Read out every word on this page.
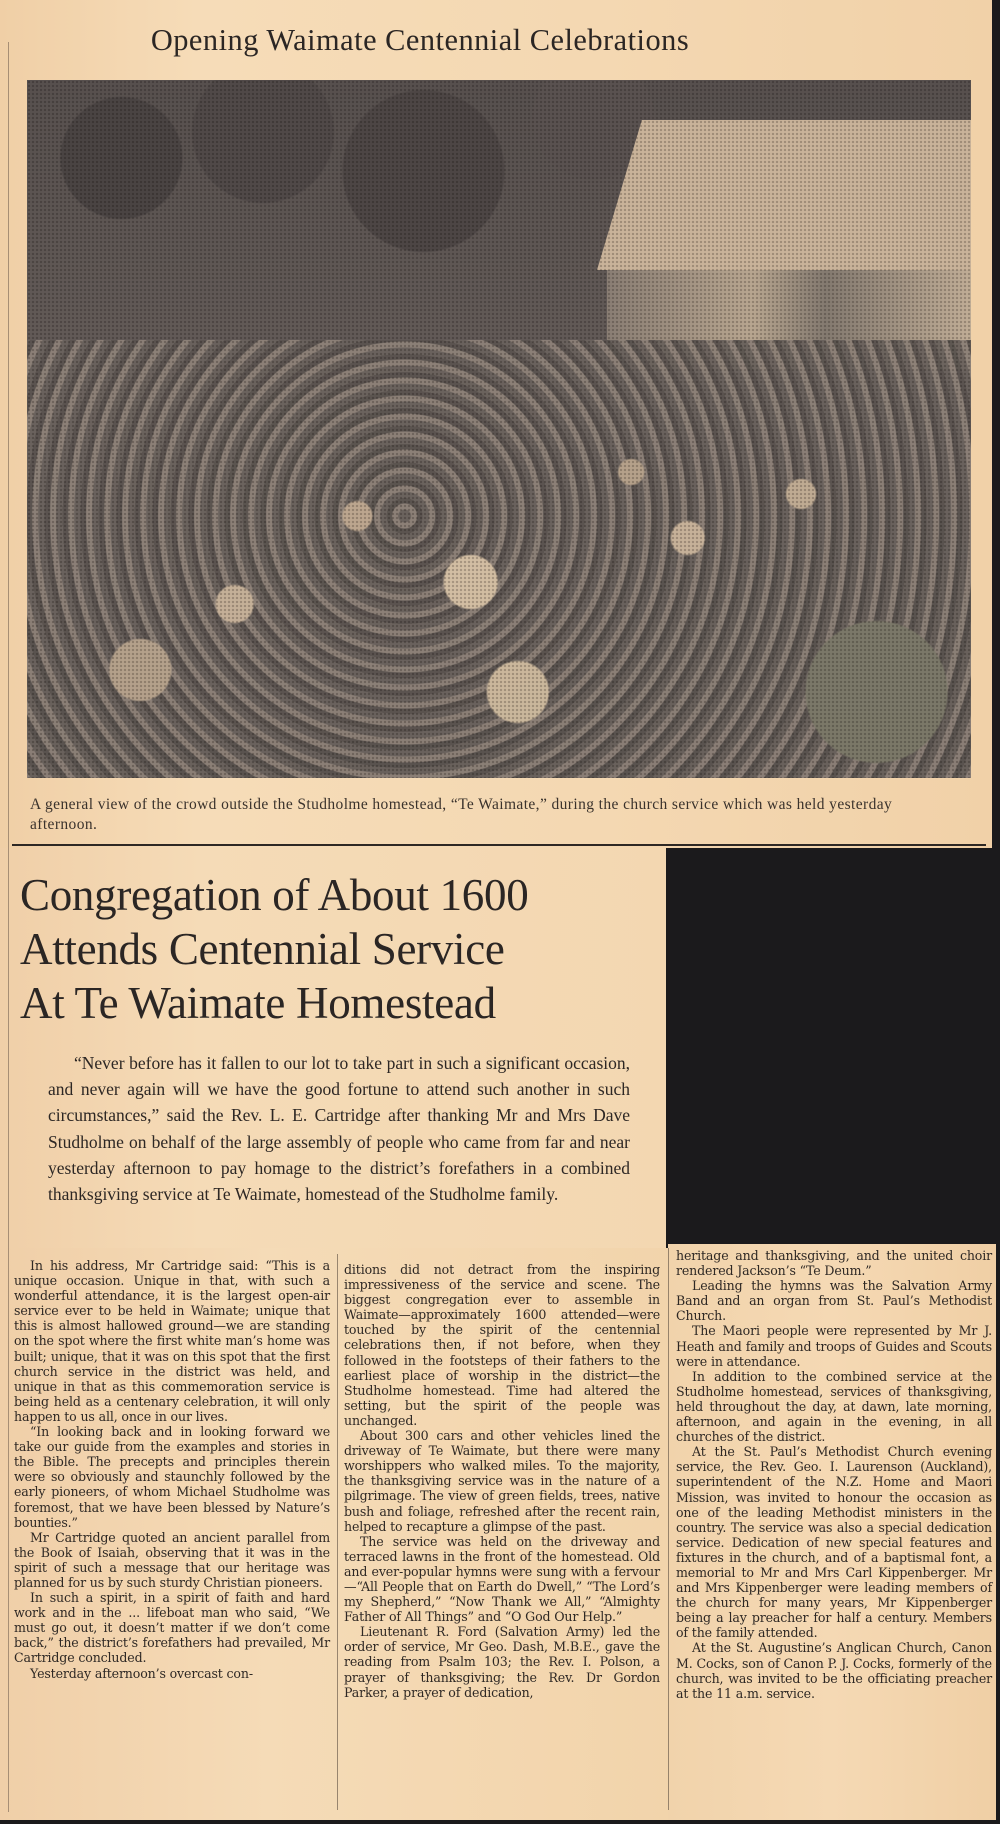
Opening Waimate Centennial Celebrations
A general view of the crowd outside the Studholme homestead, “Te Waimate,” during the church service which was held yesterday afternoon.
Congregation of About 1600
Attends Centennial Service
At Te Waimate Homestead
“Never before has it fallen to our lot to take part in such a significant occasion, and never again will we have the good fortune to attend such another in such circumstances,” said the Rev. L. E. Cartridge after thanking Mr and Mrs Dave Studholme on behalf of the large assembly of people who came from far and near yesterday afternoon to pay homage to the district’s forefathers in a combined thanksgiving service at Te Waimate, homestead of the Studholme family.

In his address, Mr Cartridge said: “This is a unique occasion. Unique in that, with such a wonderful attendance, it is the largest open-air service ever to be held in Waimate; unique that this is almost hallowed ground—we are standing on the spot where the first white man’s home was built; unique, that it was on this spot that the first church service in the district was held, and unique in that as this commemoration service is being held as a centenary celebration, it will only happen to us all, once in our lives.

“In looking back and in looking forward we take our guide from the examples and stories in the Bible. The precepts and principles therein were so obviously and staunchly followed by the early pioneers, of whom Michael Studholme was foremost, that we have been blessed by Nature’s bounties.”

Mr Cartridge quoted an ancient parallel from the Book of Isaiah, observing that it was in the spirit of such a message that our heritage was planned for us by such sturdy Christian pioneers.

In such a spirit, in a spirit of faith and hard work and in the ... lifeboat man who said, “We must go out, it doesn’t matter if we don’t come back,” the district’s forefathers had prevailed, Mr Cartridge concluded.

Yesterday afternoon’s overcast con-

ditions did not detract from the inspiring impressiveness of the service and scene. The biggest congregation ever to assemble in Waimate—approximately 1600 attended—were touched by the spirit of the centennial celebrations then, if not before, when they followed in the footsteps of their fathers to the earliest place of worship in the district—the Studholme homestead. Time had altered the setting, but the spirit of the people was unchanged.

About 300 cars and other vehicles lined the driveway of Te Waimate, but there were many worshippers who walked miles. To the majority, the thanksgiving service was in the nature of a pilgrimage. The view of green fields, trees, native bush and foliage, refreshed after the recent rain, helped to recapture a glimpse of the past.

The service was held on the driveway and terraced lawns in the front of the homestead. Old and ever-popular hymns were sung with a fervour—“All People that on Earth do Dwell,” “The Lord’s my Shepherd,” “Now Thank we All,” “Almighty Father of All Things” and “O God Our Help.”

Lieutenant R. Ford (Salvation Army) led the order of service, Mr Geo. Dash, M.B.E., gave the reading from Psalm 103; the Rev. I. Polson, a prayer of thanksgiving; the Rev. Dr Gordon Parker, a prayer of dedication,

heritage and thanksgiving, and the united choir rendered Jackson’s “Te Deum.”

Leading the hymns was the Salvation Army Band and an organ from St. Paul’s Methodist Church.

The Maori people were represented by Mr J. Heath and family and troops of Guides and Scouts were in attendance.

In addition to the combined service at the Studholme homestead, services of thanksgiving, held throughout the day, at dawn, late morning, afternoon, and again in the evening, in all churches of the district.

At the St. Paul’s Methodist Church evening service, the Rev. Geo. I. Laurenson (Auckland), superintendent of the N.Z. Home and Maori Mission, was invited to honour the occasion as one of the leading Methodist ministers in the country. The service was also a special dedication service. Dedication of new special features and fixtures in the church, and of a baptismal font, a memorial to Mr and Mrs Carl Kippenberger. Mr and Mrs Kippenberger were leading members of the church for many years, Mr Kippenberger being a lay preacher for half a century. Members of the family attended.

At the St. Augustine’s Anglican Church, Canon M. Cocks, son of Canon P. J. Cocks, formerly of the church, was invited to be the officiating preacher at the 11 a.m. service.
